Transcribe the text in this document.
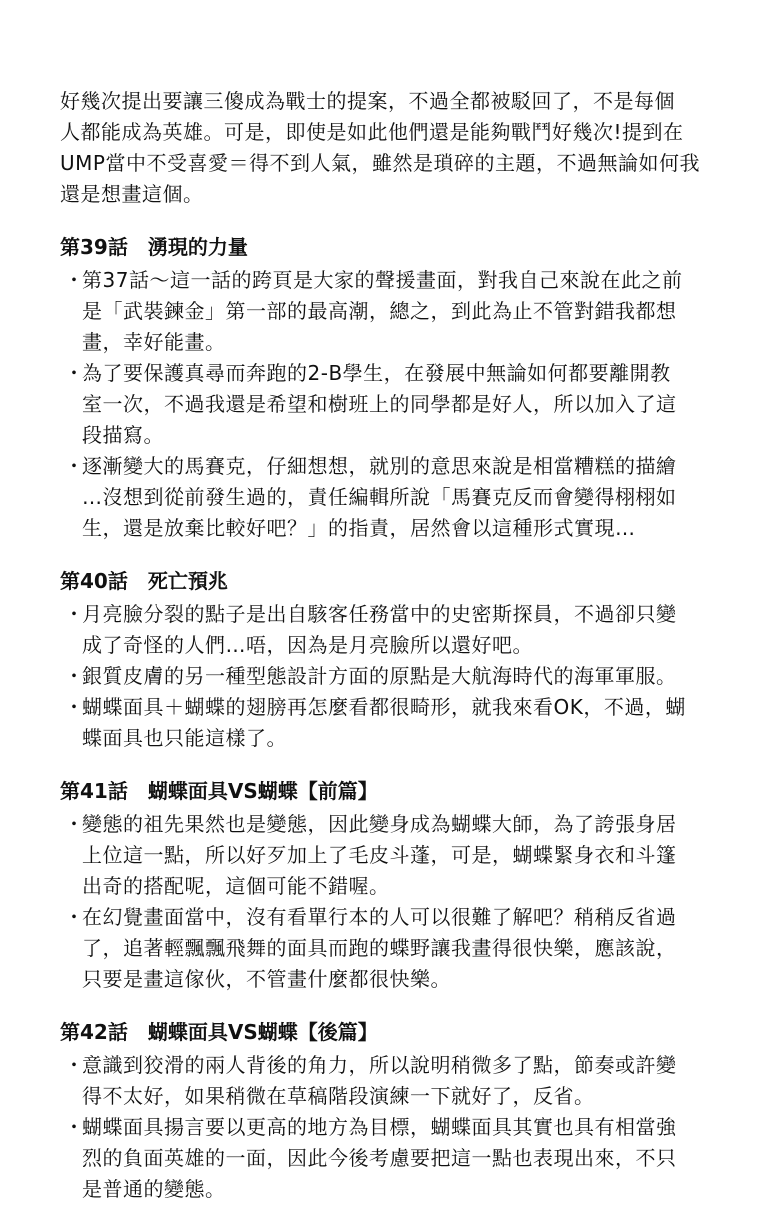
好幾次提出要讓三傻成為戰士的提案，不過全都被駁回了，不是每個

人都能成為英雄。可是，即使是如此他們還是能夠戰鬥好幾次!提到在

UMP當中不受喜愛＝得不到人氣，雖然是瑣碎的主題，不過無論如何我

還是想畫這個。

第39話 湧現的力量
・
第37話～這一話的跨頁是大家的聲援畫面，對我自己來說在此之前
是「武裝鍊金」第一部的最高潮，總之，到此為止不管對錯我都想
畫，幸好能畫。
・
為了要保護真尋而奔跑的2-B學生，在發展中無論如何都要離開教
室一次，不過我還是希望和樹班上的同學都是好人，所以加入了這
段描寫。
・
逐漸變大的馬賽克，仔細想想，就別的意思來說是相當糟糕的描繪
…沒想到從前發生過的，責任編輯所說「馬賽克反而會變得栩栩如
生，還是放棄比較好吧？」的指責，居然會以這種形式實現…
第40話 死亡預兆
・
月亮臉分裂的點子是出自駭客任務當中的史密斯探員，不過卻只變
成了奇怪的人們…唔，因為是月亮臉所以還好吧。
・
銀質皮膚的另一種型態設計方面的原點是大航海時代的海軍軍服。
・
蝴蝶面具＋蝴蝶的翅膀再怎麼看都很畸形，就我來看OK，不過，蝴
蝶面具也只能這樣了。
第41話 蝴蝶面具VS蝴蝶【前篇】
・
變態的祖先果然也是變態，因此變身成為蝴蝶大師，為了誇張身居
上位這一點，所以好歹加上了毛皮斗蓬，可是，蝴蝶緊身衣和斗篷
出奇的搭配呢，這個可能不錯喔。
・
在幻覺畫面當中，沒有看單行本的人可以很難了解吧？稍稍反省過
了，追著輕飄飄飛舞的面具而跑的蝶野讓我畫得很快樂，應該說，
只要是畫這傢伙，不管畫什麼都很快樂。
第42話 蝴蝶面具VS蝴蝶【後篇】
・
意識到狡滑的兩人背後的角力，所以說明稍微多了點，節奏或許變
得不太好，如果稍微在草稿階段演練一下就好了，反省。
・
蝴蝶面具揚言要以更高的地方為目標，蝴蝶面具其實也具有相當強
烈的負面英雄的一面，因此今後考慮要把這一點也表現出來，不只
是普通的變態。
